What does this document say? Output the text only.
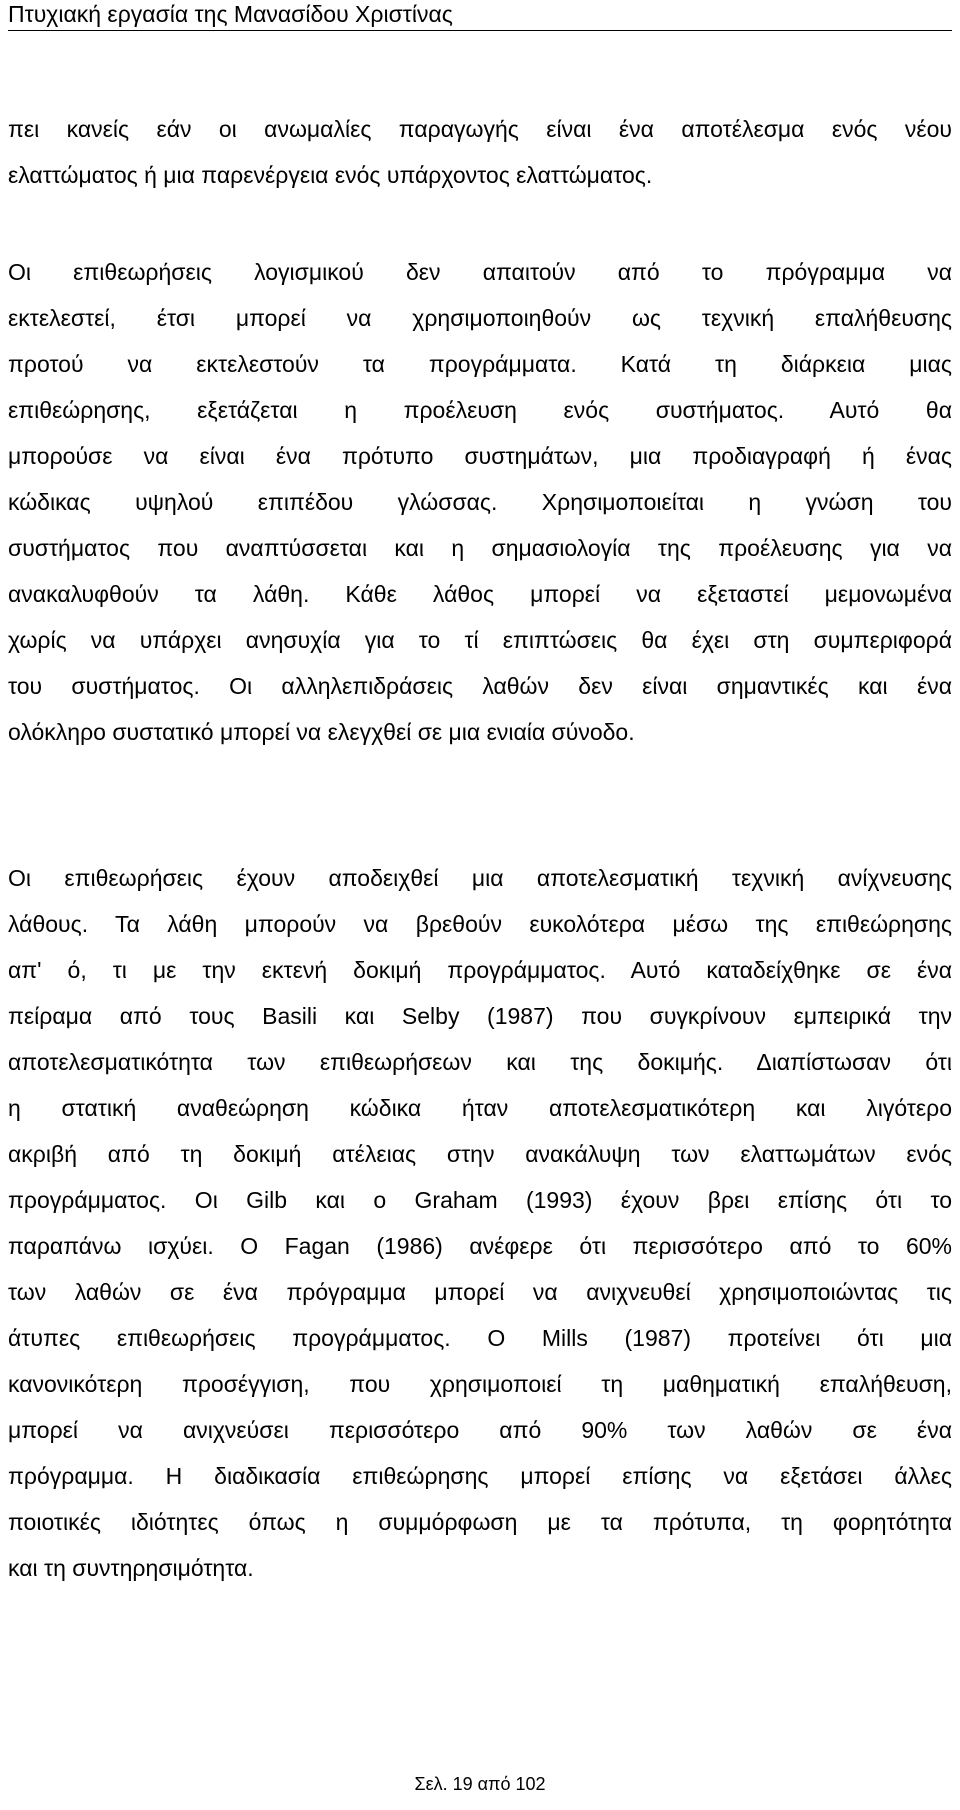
Πτυχιακή εργασία της Μανασίδου Χριστίνας
πει κανείς εάν οι ανωμαλίες παραγωγής είναι ένα αποτέλεσμα ενός νέου
ελαττώματος ή μια παρενέργεια ενός υπάρχοντος ελαττώματος.
Οι επιθεωρήσεις λογισμικού δεν απαιτούν από το πρόγραμμα να
εκτελεστεί, έτσι μπορεί να χρησιμοποιηθούν ως τεχνική επαλήθευσης
προτού να εκτελεστούν τα προγράμματα. Κατά τη διάρκεια μιας
επιθεώρησης, εξετάζεται η προέλευση ενός συστήματος. Αυτό θα
μπορούσε να είναι ένα πρότυπο συστημάτων, μια προδιαγραφή ή ένας
κώδικας υψηλού επιπέδου γλώσσας. Χρησιμοποιείται η γνώση του
συστήματος που αναπτύσσεται και η σημασιολογία της προέλευσης για να
ανακαλυφθούν τα λάθη. Κάθε λάθος μπορεί να εξεταστεί μεμονωμένα
χωρίς να υπάρχει ανησυχία για το τί επιπτώσεις θα έχει στη συμπεριφορά
του συστήματος. Οι αλληλεπιδράσεις λαθών δεν είναι σημαντικές και ένα
ολόκληρο συστατικό μπορεί να ελεγχθεί σε μια ενιαία σύνοδο.
Οι επιθεωρήσεις έχουν αποδειχθεί μια αποτελεσματική τεχνική ανίχνευσης
λάθους. Τα λάθη μπορούν να βρεθούν ευκολότερα μέσω της επιθεώρησης
απ' ό, τι με την εκτενή δοκιμή προγράμματος. Αυτό καταδείχθηκε σε ένα
πείραμα από τους Basili και Selby (1987) που συγκρίνουν εμπειρικά την
αποτελεσματικότητα των επιθεωρήσεων και της δοκιμής. Διαπίστωσαν ότι
η στατική αναθεώρηση κώδικα ήταν αποτελεσματικότερη και λιγότερο
ακριβή από τη δοκιμή ατέλειας στην ανακάλυψη των ελαττωμάτων ενός
προγράμματος. Οι Gilb και ο Graham (1993) έχουν βρει επίσης ότι το
παραπάνω ισχύει. Ο Fagan (1986) ανέφερε ότι περισσότερο από το 60%
των λαθών σε ένα πρόγραμμα μπορεί να ανιχνευθεί χρησιμοποιώντας τις
άτυπες επιθεωρήσεις προγράμματος. Ο Mills (1987) προτείνει ότι μια
κανονικότερη προσέγγιση, που χρησιμοποιεί τη μαθηματική επαλήθευση,
μπορεί να ανιχνεύσει περισσότερο από 90% των λαθών σε ένα
πρόγραμμα. Η διαδικασία επιθεώρησης μπορεί επίσης να εξετάσει άλλες
ποιοτικές ιδιότητες όπως η συμμόρφωση με τα πρότυπα, τη φορητότητα
και τη συντηρησιμότητα.
Σελ. 19 από 102
